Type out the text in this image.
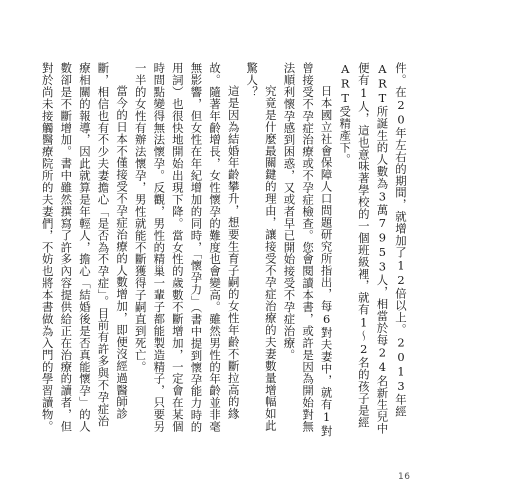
件。在20年左右的期間，就增加了12倍以上。2013年經ART所誕生的人數為3萬7953人，相當於每24名新生兒中便有1人，這也意味著學校的一個班級裡，就有1～2名的孩子是經ART受精產下。

日本國立社會保障人口問題研究所指出，每6對夫妻中，就有1對曾接受不孕症治療或不孕症檢查。您會閱讀本書，或許是因為開始對無法順利懷孕感到困惑，又或者早已開始接受不孕症治療。

究竟是什麼最關鍵的理由，讓接受不孕症治療的夫妻數量增幅如此驚人？

這是因為結婚年齡攀升，想要生育子嗣的女性年齡不斷拉高的緣故。隨著年齡增長，女性懷孕的難度也會變高。雖然男性的年齡並非毫無影響，但女性在年紀增加的同時，「懷孕力」（書中提到懷孕能力時的用詞）也很快地開始出現下降。當女性的歲數不斷增加，一定會在某個時間點變得無法懷孕。反觀，男性的精巢一輩子都能製造精子，只要另一半的女性有辦法懷孕，男性就能不斷獲得子嗣直到死亡。

當今的日本不僅接受不孕症治療的人數增加，即便沒經過醫師診斷，相信也有不少夫妻擔心「是否為不孕症」。目前有許多與不孕症治療相關的報導，因此就算是年輕人，擔心「結婚後是否真能懷孕」的人數卻是不斷增加。書中雖然撰寫了許多內容提供給正在治療的讀者，但對於尚未接觸醫療院所的夫妻們，不妨也將本書做為入門的學習讀物。

16
